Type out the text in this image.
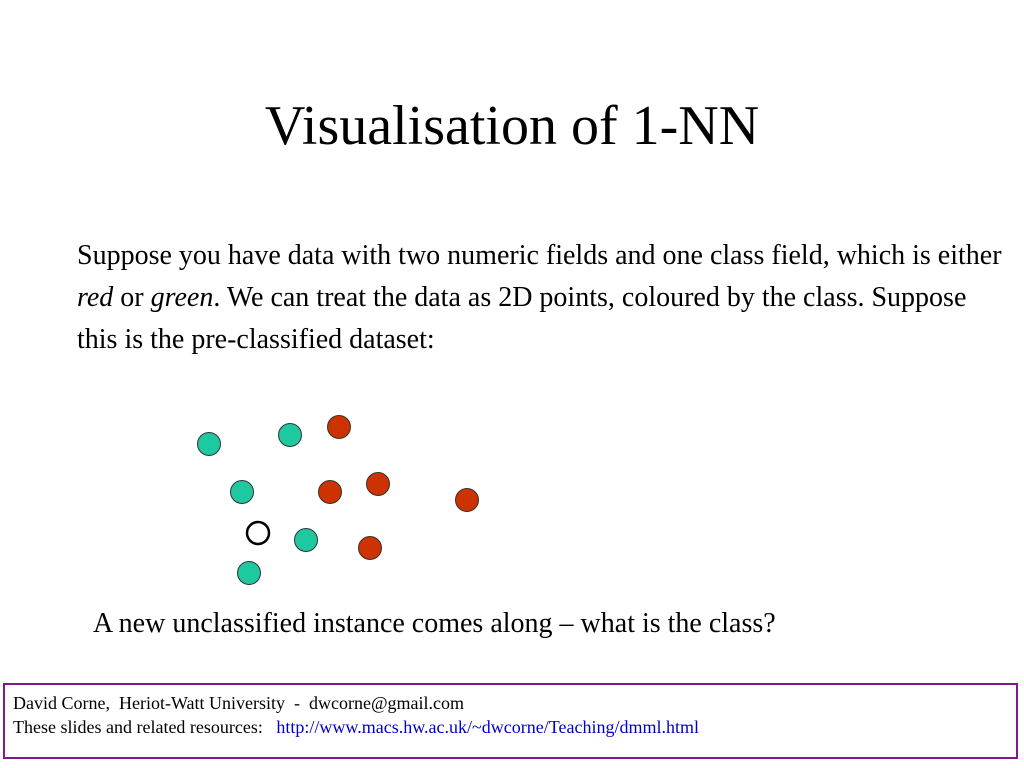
Visualisation of 1-NN

Suppose you have data with two numeric fields and one class field, which is either red or green. We can treat the data as 2D points, coloured by the class. Suppose this is the pre-classified dataset:

A new unclassified instance comes along – what is the class?
David Corne,  Heriot-Watt University  -  dwcorne@gmail.com
These slides and related resources:   http://www.macs.hw.ac.uk/~dwcorne/Teaching/dmml.html
